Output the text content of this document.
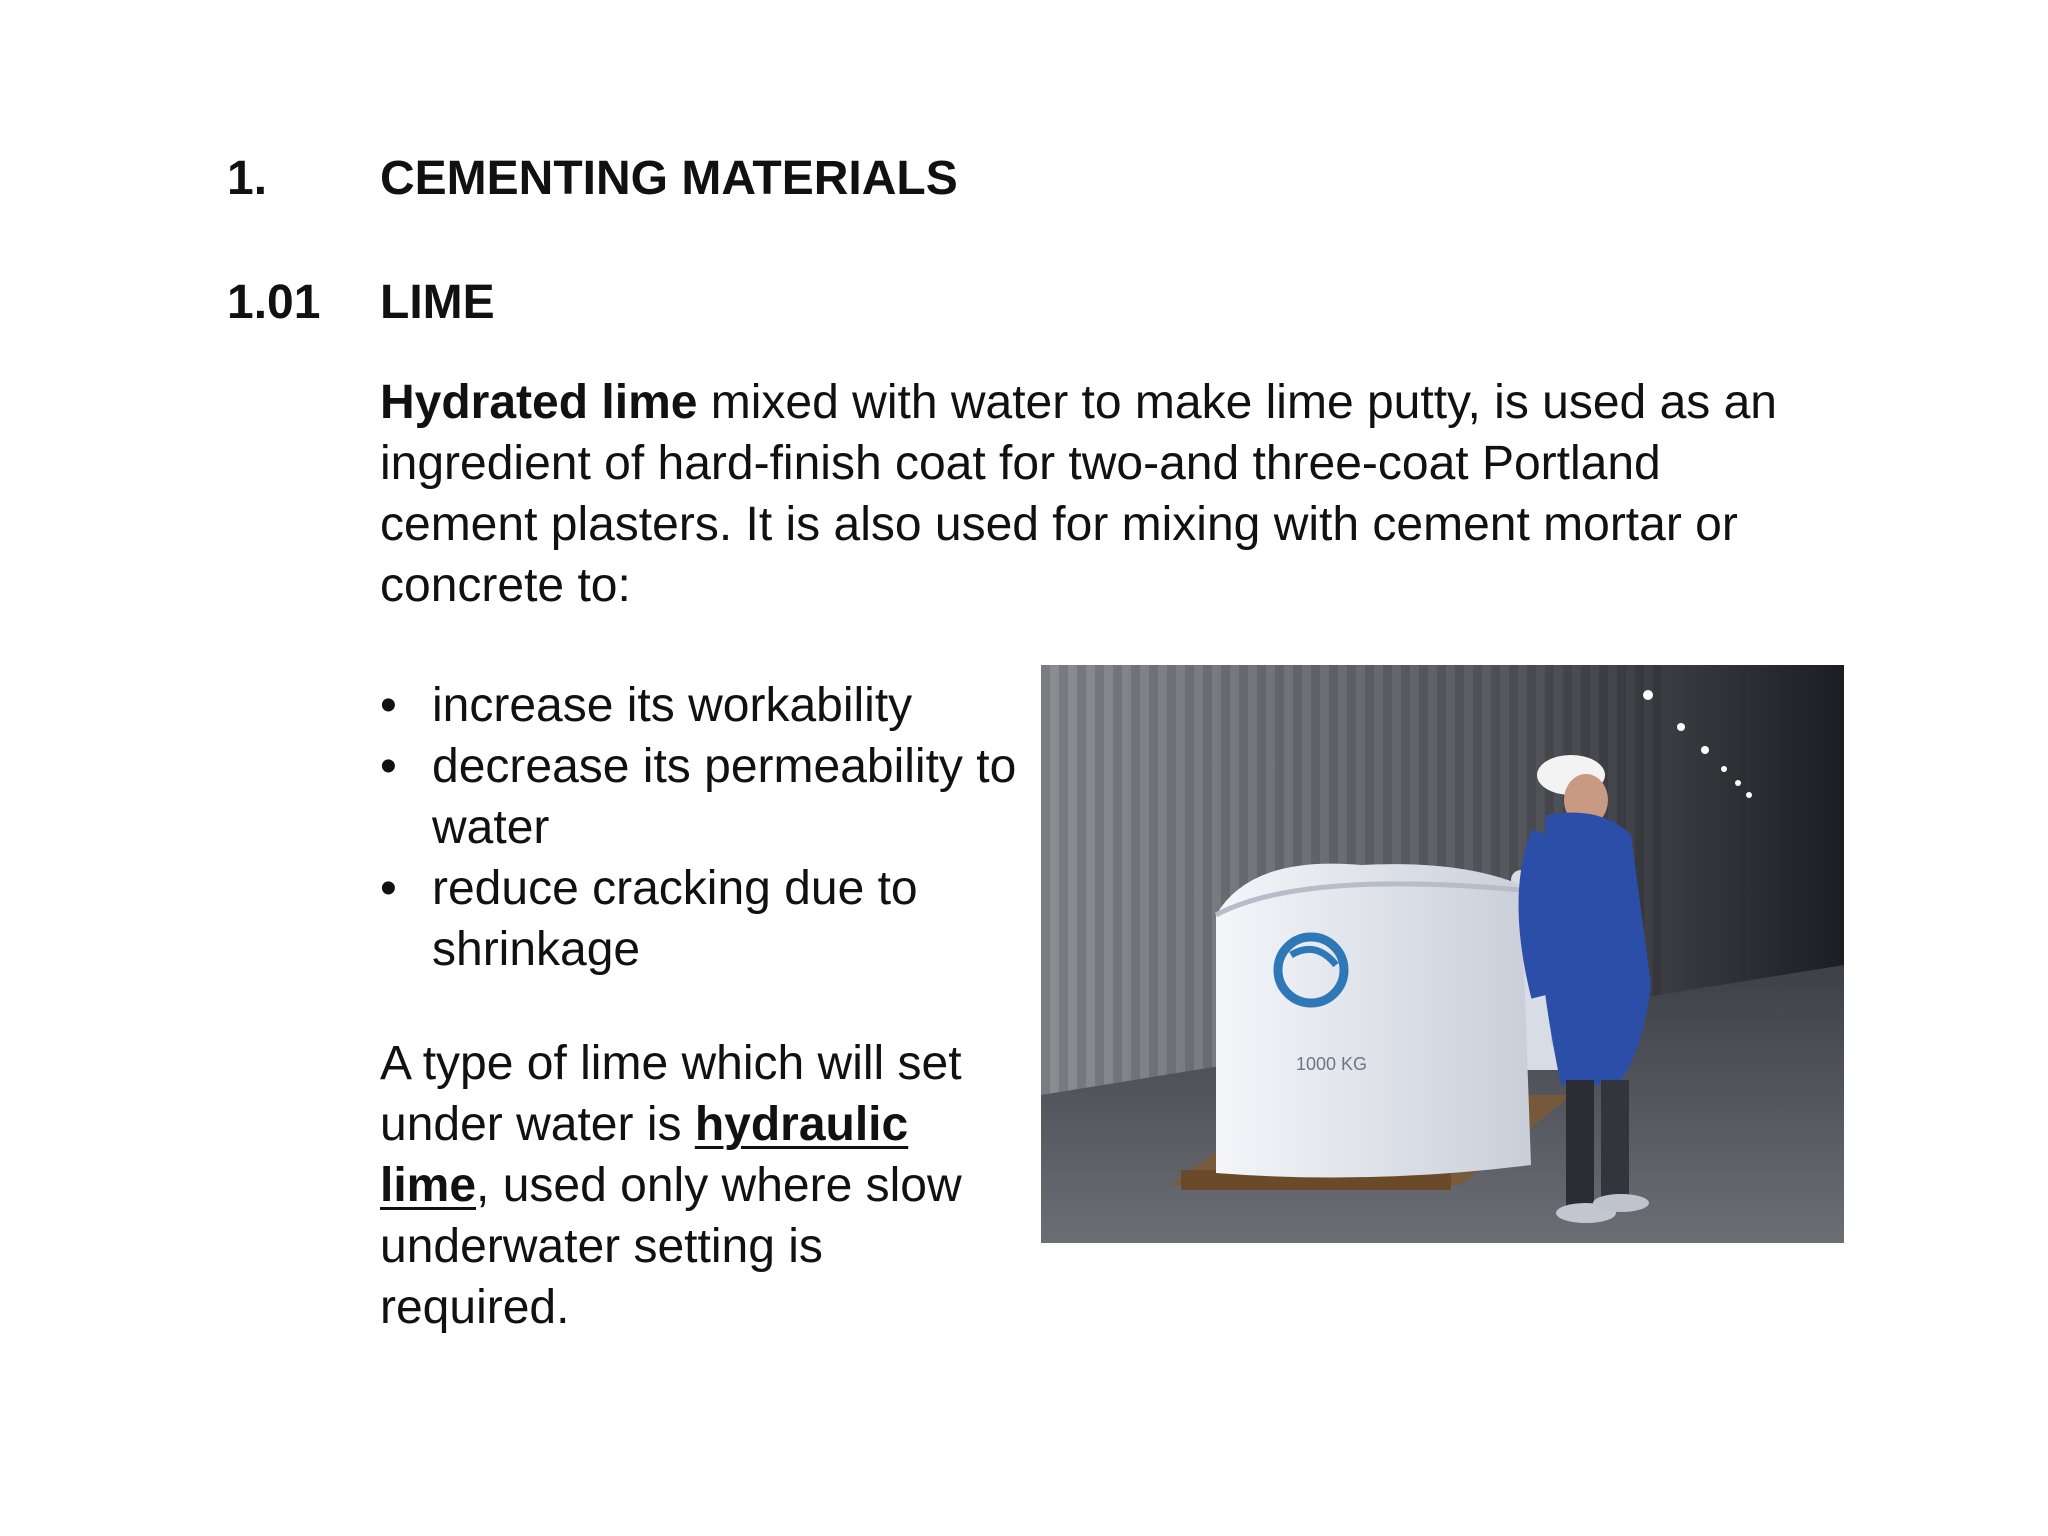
1. CEMENTING MATERIALS
1.01 LIME
Hydrated lime mixed with water to make lime putty, is used as an ingredient of hard-finish coat for two-and three-coat Portland cement plasters. It is also used for mixing with cement mortar or concrete to:
• increase its workability
• decrease its permeability to water
• reduce cracking due to shrinkage
A type of lime which will set under water is hydraulic lime, used only where slow underwater setting is required.
1000 KG
